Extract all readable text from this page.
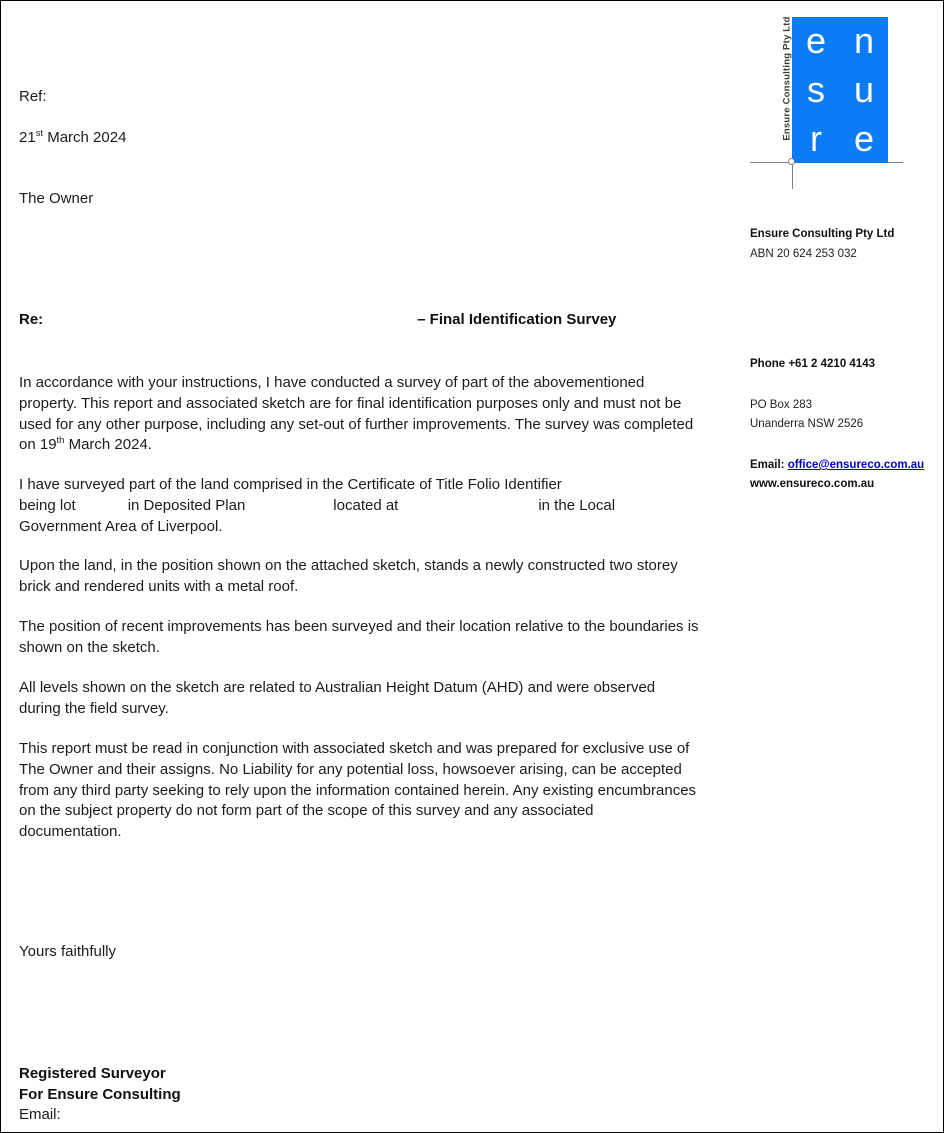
Ref:
21st March 2024
The Owner
Re:	– Final Identification Survey
In accordance with your instructions, I have conducted a survey of part of the abovementioned property. This report and associated sketch are for final identification purposes only and must not be used for any other purpose, including any set-out of further improvements. The survey was completed on 19th March 2024.
I have surveyed part of the land comprised in the Certificate of Title Folio Identifierbeing lot	in Deposited Plan	located at	in the Local Government Area of Liverpool.
Upon the land, in the position shown on the attached sketch, stands a newly constructed two storey brick and rendered units with a metal roof.
The position of recent improvements has been surveyed and their location relative to the boundaries is shown on the sketch.
All levels shown on the sketch are related to Australian Height Datum (AHD) and were observed during the field survey.
This report must be read in conjunction with associated sketch and was prepared for exclusive use of The Owner and their assigns. No Liability for any potential loss, howsoever arising, can be accepted from any third party seeking to rely upon the information contained herein. Any existing encumbrances on the subject property do not form part of the scope of this survey and any associated documentation.
Yours faithfully
Registered Surveyor
For Ensure Consulting
Email:
Ensure Consulting Pty Ltd e n
s u
r e
Ensure Consulting Pty Ltd
ABN 20 624 253 032
Phone +61 2 4210 4143
PO Box 283
Unanderra NSW 2526
Email: office@ensureco.com.au
www.ensureco.com.au
